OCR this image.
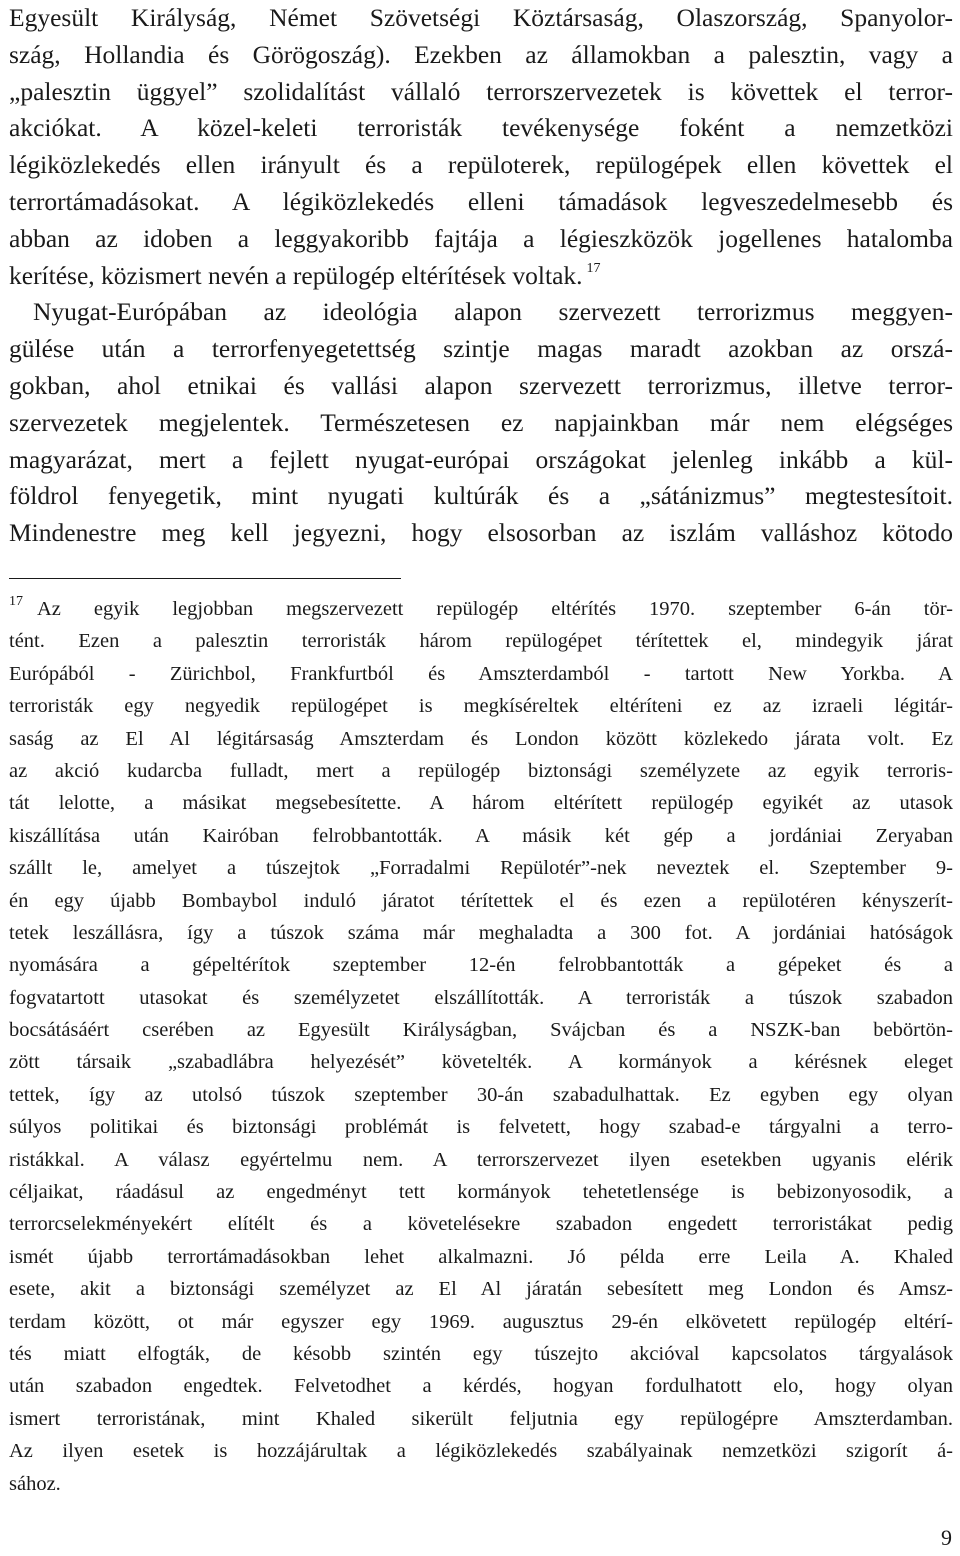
Egyesült Királyság, Német Szövetségi Köztársaság, Olaszország, Spanyolor-
szág, Hollandia és Görögoszág). Ezekben az államokban a palesztin, vagy a
„palesztin üggyel” szolidalítást vállaló terrorszervezetek is követtek el terror-
akciókat. A közel-keleti terroristák tevékenysége foként a nemzetközi
légiközlekedés ellen irányult és a repüloterek, repülogépek ellen követtek el
terrortámadásokat. A légiközlekedés elleni támadások legveszedelmesebb és
abban az idoben a leggyakoribb fajtája a légieszközök jogellenes hatalomba
kerítése, közismert nevén a repülogép eltérítések voltak. $^{17}$
Nyugat-Európában az ideológia alapon szervezett terrorizmus meggyen-
gülése után a terrorfenyegetettség szintje magas maradt azokban az orszá-
gokban, ahol etnikai és vallási alapon szervezett terrorizmus, illetve terror-
szervezetek megjelentek. Természetesen ez napjainkban már nem elégséges
magyarázat, mert a fejlett nyugat-európai országokat jelenleg inkább a kül-
földrol fenyegetik, mint nyugati kultúrák és a „sátánizmus” megtestesítoit.
Mindenestre meg kell jegyezni, hogy elsosorban az iszlám valláshoz kötodo
$^{17}$ Az egyik legjobban megszervezett repülogép eltérítés 1970. szeptember 6-án tör-
tént. Ezen a palesztin terroristák három repülogépet térítettek el, mindegyik járat
Európából - Zürichbol, Frankfurtból és Amszterdamból - tartott New Yorkba. A
terroristák egy negyedik repülogépet is megkíséreltek eltéríteni ez az izraeli légitár-
saság az El Al légitársaság Amszterdam és London között közlekedo járata volt. Ez
az akció kudarcba fulladt, mert a repülogép biztonsági személyzete az egyik terroris-
tát lelotte, a másikat megsebesítette. A három eltérített repülogép egyikét az utasok
kiszállítása után Kairóban felrobbantották. A másik két gép a jordániai Zeryaban
szállt le, amelyet a túszejtok „Forradalmi Repülotér”-nek neveztek el. Szeptember 9-
én egy újabb Bombaybol induló járatot térítettek el és ezen a repülotéren kényszerít-
tetek leszállásra, így a túszok száma már meghaladta a 300 fot. A jordániai hatóságok
nyomására a gépeltérítok szeptember 12-én felrobbantották a gépeket és a
fogvatartott utasokat és személyzetet elszállították. A terroristák a túszok szabadon
bocsátásáért cserében az Egyesült Királyságban, Svájcban és a NSZK-ban bebörtön-
zött társaik „szabadlábra helyezését” követelték. A kormányok a kérésnek eleget
tettek, így az utolsó túszok szeptember 30-án szabadulhattak. Ez egyben egy olyan
súlyos politikai és biztonsági problémát is felvetett, hogy szabad-e tárgyalni a terro-
ristákkal. A válasz egyértelmu nem. A terrorszervezet ilyen esetekben ugyanis elérik
céljaikat, ráadásul az engedményt tett kormányok tehetetlensége is bebizonyosodik, a
terrorcselekményekért elítélt és a követelésekre szabadon engedett terroristákat pedig
ismét újabb terrortámadásokban lehet alkalmazni. Jó példa erre Leila A. Khaled
esete, akit a biztonsági személyzet az El Al járatán sebesített meg London és Amsz-
terdam között, ot már egyszer egy 1969. augusztus 29-én elkövetett repülogép eltérí-
tés miatt elfogták, de késobb szintén egy túszejto akcióval kapcsolatos tárgyalások
után szabadon engedtek. Felvetodhet a kérdés, hogyan fordulhatott elo, hogy olyan
ismert terroristának, mint Khaled sikerült feljutnia egy repülogépre Amszterdamban.
Az ilyen esetek is hozzájárultak a légiközlekedés szabályainak nemzetközi szigorít á-
sához.
9
